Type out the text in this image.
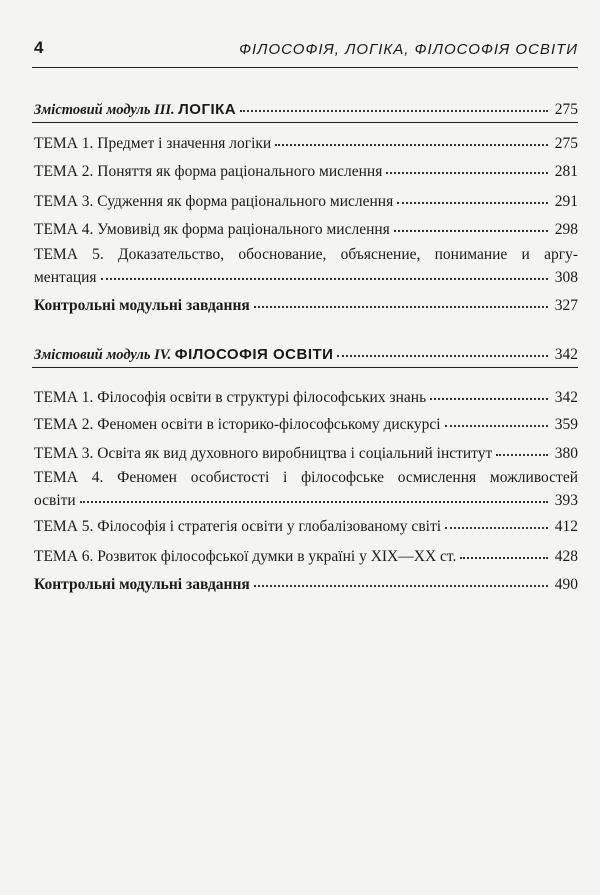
4	ФІЛОСОФІЯ, ЛОГІКА, ФІЛОСОФІЯ ОСВІТИ
Змістовий модуль III. ЛОГІКА	275
ТЕМА 1. Предмет і значення логіки	275
ТЕМА 2. Поняття як форма раціонального мислення	281
ТЕМА 3. Судження як форма раціонального мислення	291
ТЕМА 4. Умовивід як форма раціонального мислення	298
ТЕМА 5. Доказательство, обоснование, объяснение, понимание и аргу-
ментация	308
Контрольні модульні завдання	327
Змістовий модуль IV. ФІЛОСОФІЯ ОСВІТИ	342
ТЕМА 1. Філософія освіти в структурі філософських знань	342
ТЕМА 2. Феномен освіти в історико-філософському дискурсі	359
ТЕМА 3. Освіта як вид духовного виробництва і соціальний інститут	380
ТЕМА 4. Феномен особистості і філософське осмислення можливостей
освіти	393
ТЕМА 5. Філософія і стратегія освіти у глобалізованому світі	412
ТЕМА 6. Розвиток філософської думки в україні у XIX—XX ст.	428
Контрольні модульні завдання	490
